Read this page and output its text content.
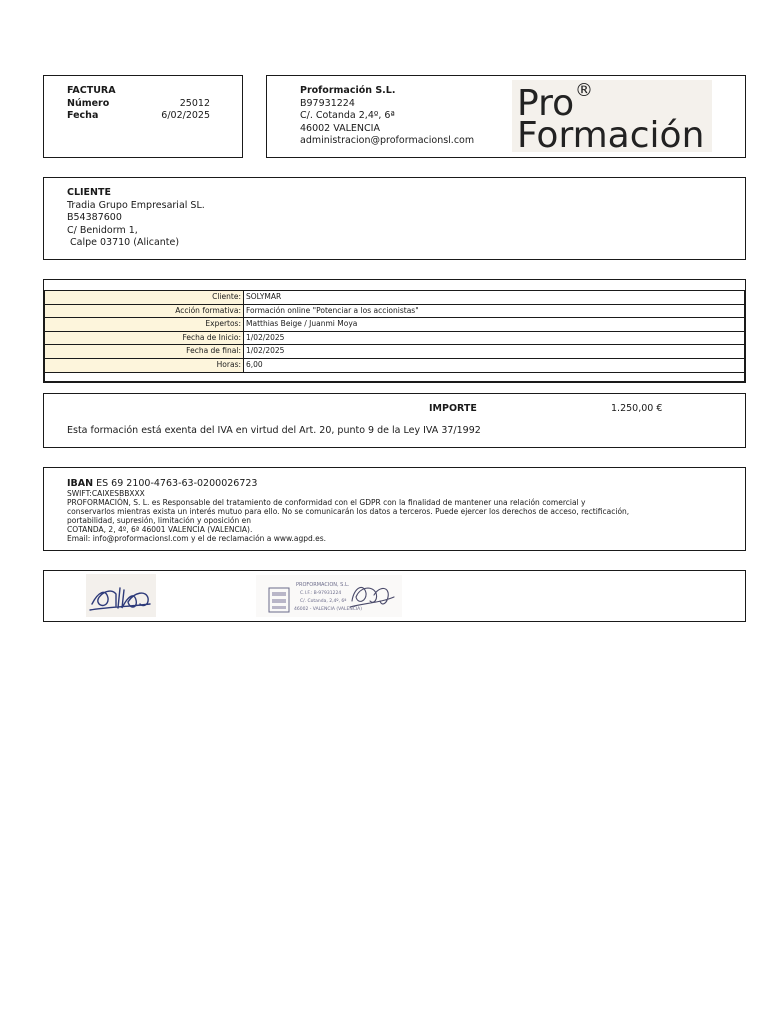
FACTURA
Número	25012
Fecha	6/02/2025
Proformación S.L.
B97931224
C/. Cotanda 2,4º, 6ª
46002 VALENCIA
administracion@proformacionsl.com
Pro ®
Formación
CLIENTE
Tradia Grupo Empresarial SL.
B54387600
C/ Benidorm 1,
Calpe 03710 (Alicante)
Cliente:	SOLYMAR
Acción formativa:	Formación online "Potenciar a los accionistas"
Expertos:	Matthias Beige / Juanmi Moya
Fecha de Inicio:	1/02/2025
Fecha de final:	1/02/2025
Horas:	6,00

IMPORTE	1.250,00 €
Esta formación está exenta del IVA en virtud del Art. 20, punto 9 de la Ley IVA 37/1992
IBAN ES 69 2100-4763-63-0200026723
SWIFT:CAIXESBBXXX
PROFORMACIÓN, S. L. es Responsable del tratamiento de conformidad con el GDPR con la finalidad de mantener una relación comercial y
conservarlos mientras exista un interés mutuo para ello. No se comunicarán los datos a terceros. Puede ejercer los derechos de acceso, rectificación,
portabilidad, supresión, limitación y oposición en
COTANDA, 2, 4º, 6ª 46001 VALENCIA (VALENCIA).
Email: info@proformacionsl.com y el de reclamación a www.agpd.es.
PROFORMACION, S.L.
C.I.F.: B-97931224
C/. Cotanda, 2,4º, 6ª
46002 - VALENCIA (VALENCIA)
